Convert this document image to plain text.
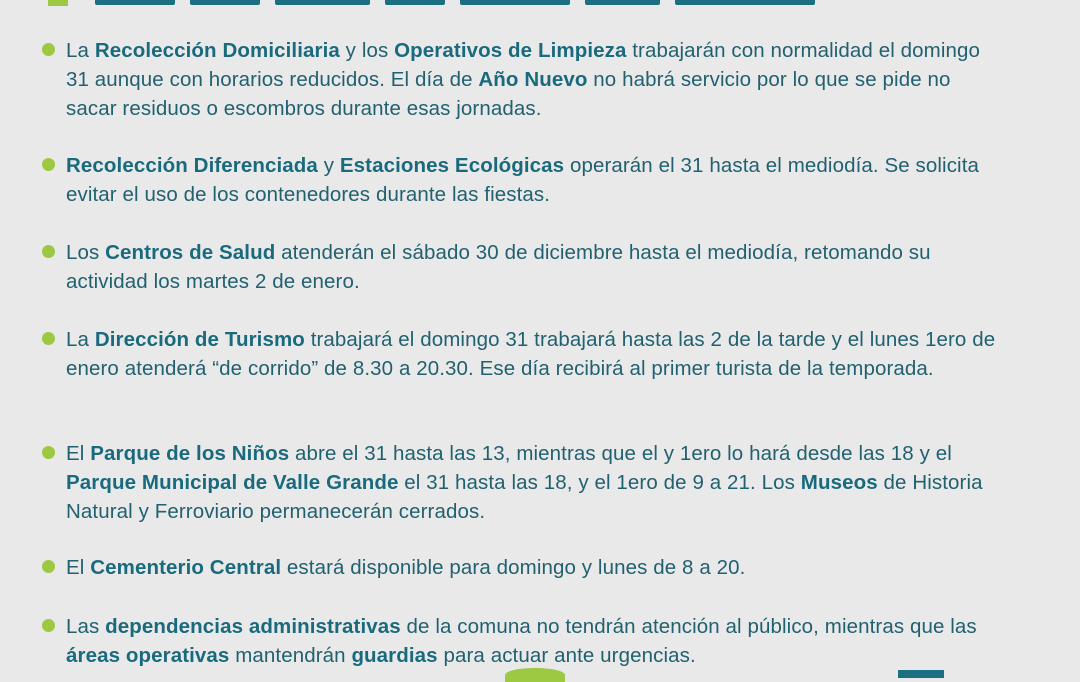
La Recolección Domiciliaria y los Operativos de Limpieza trabajarán con normalidad el domingo 31 aunque con horarios reducidos. El día de Año Nuevo no habrá servicio por lo que se pide no sacar residuos o escombros durante esas jornadas.
Recolección Diferenciada y Estaciones Ecológicas operarán el 31 hasta el mediodía. Se solicita evitar el uso de los contenedores durante las fiestas.
Los Centros de Salud atenderán el sábado 30 de diciembre hasta el mediodía, retomando su actividad los martes 2 de enero.
La Dirección de Turismo trabajará el domingo 31 trabajará hasta las 2 de la tarde y el lunes 1ero de enero atenderá “de corrido” de 8.30 a 20.30. Ese día recibirá al primer turista de la temporada.
El Parque de los Niños abre el 31 hasta las 13, mientras que el y 1ero lo hará desde las 18 y el Parque Municipal de Valle Grande el 31 hasta las 18, y el 1ero de 9 a 21. Los Museos de Historia Natural y Ferroviario permanecerán cerrados.
El Cementerio Central estará disponible para domingo y lunes de 8 a 20.
Las dependencias administrativas de la comuna no tendrán atención al público, mientras que las áreas operativas mantendrán guardias para actuar ante urgencias.
